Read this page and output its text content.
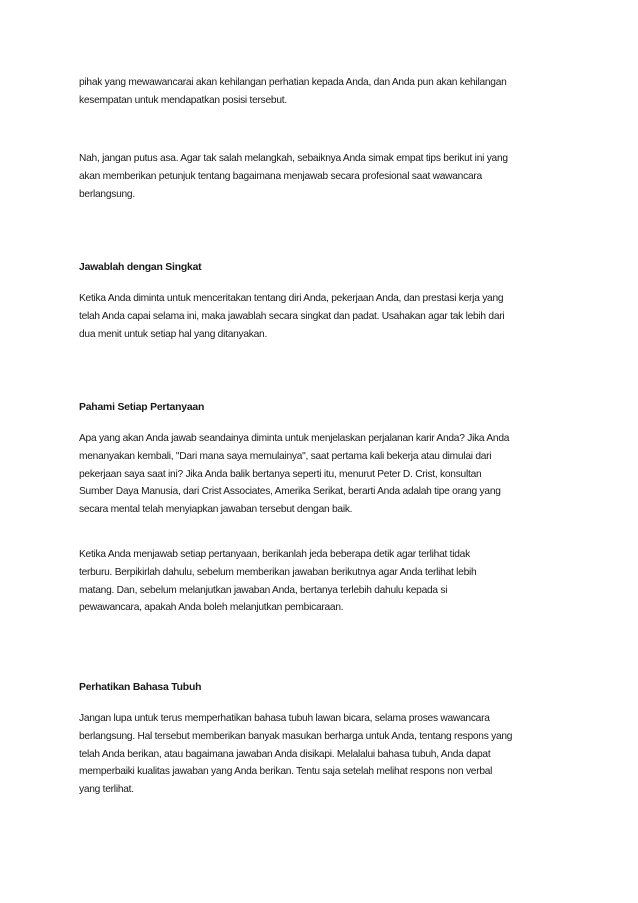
pihak yang mewawancarai akan kehilangan perhatian kepada Anda, dan Anda pun akan kehilangan
kesempatan untuk mendapatkan posisi tersebut.

Nah, jangan putus asa. Agar tak salah melangkah, sebaiknya Anda simak empat tips berikut ini yang
akan memberikan petunjuk tentang bagaimana menjawab secara profesional saat wawancara
berlangsung.

Jawablah dengan Singkat

Ketika Anda diminta untuk menceritakan tentang diri Anda, pekerjaan Anda, dan prestasi kerja yang
telah Anda capai selama ini, maka jawablah secara singkat dan padat. Usahakan agar tak lebih dari
dua menit untuk setiap hal yang ditanyakan.

Pahami Setiap Pertanyaan

Apa yang akan Anda jawab seandainya diminta untuk menjelaskan perjalanan karir Anda? Jika Anda
menanyakan kembali, "Dari mana saya memulainya", saat pertama kali bekerja atau dimulai dari
pekerjaan saya saat ini? Jika Anda balik bertanya seperti itu, menurut Peter D. Crist, konsultan
Sumber Daya Manusia, dari Crist Associates, Amerika Serikat, berarti Anda adalah tipe orang yang
secara mental telah menyiapkan jawaban tersebut dengan baik.

Ketika Anda menjawab setiap pertanyaan, berikanlah jeda beberapa detik agar terlihat tidak
terburu. Berpikirlah dahulu, sebelum memberikan jawaban berikutnya agar Anda terlihat lebih
matang. Dan, sebelum melanjutkan jawaban Anda, bertanya terlebih dahulu kepada si
pewawancara, apakah Anda boleh melanjutkan pembicaraan.

Perhatikan Bahasa Tubuh

Jangan lupa untuk terus memperhatikan bahasa tubuh lawan bicara, selama proses wawancara
berlangsung. Hal tersebut memberikan banyak masukan berharga untuk Anda, tentang respons yang
telah Anda berikan, atau bagaimana jawaban Anda disikapi. Melalalui bahasa tubuh, Anda dapat
memperbaiki kualitas jawaban yang Anda berikan. Tentu saja setelah melihat respons non verbal
yang terlihat.
